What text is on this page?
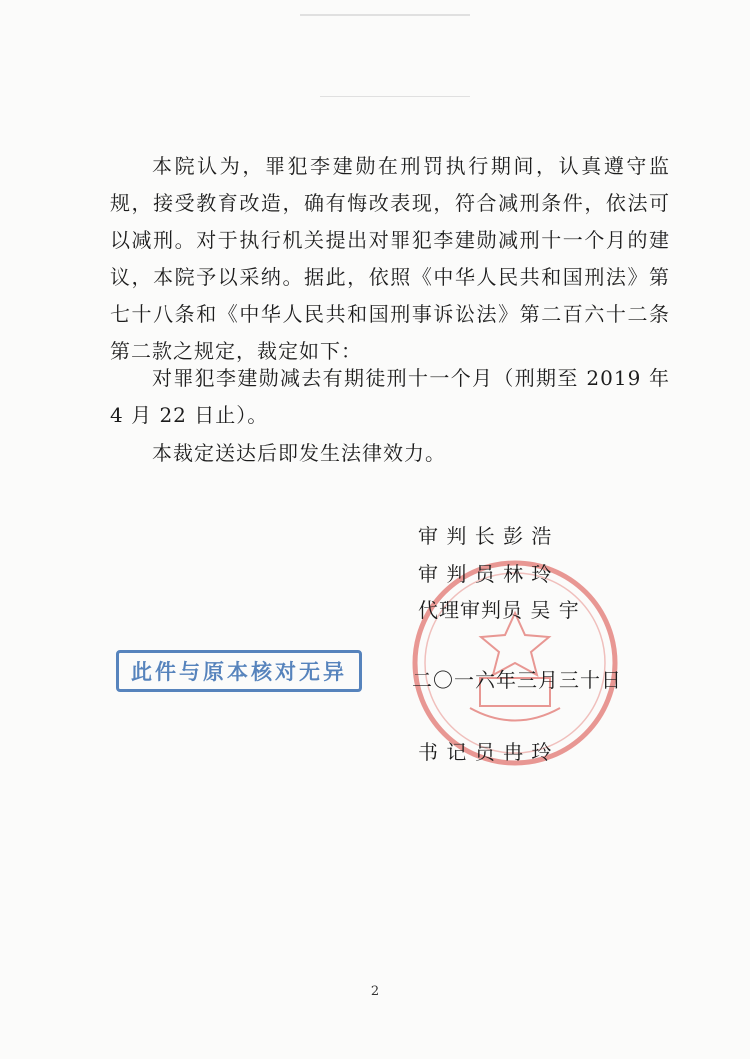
本院认为，罪犯李建勋在刑罚执行期间，认真遵守监规，接受教育改造，确有悔改表现，符合减刑条件，依法可以减刑。对于执行机关提出对罪犯李建勋减刑十一个月的建议，本院予以采纳。据此，依照《中华人民共和国刑法》第七十八条和《中华人民共和国刑事诉讼法》第二百六十二条第二款之规定，裁定如下：

对罪犯李建勋减去有期徒刑十一个月（刑期至 2019 年 4 月 22 日止）。

本裁定送达后即发生法律效力。

审 判 长 彭 浩
审 判 员 林 玲
代理审判员 吴 宇
此件与原本核对无异	二〇一六年三月三十日
书 记 员 冉 玲
2
